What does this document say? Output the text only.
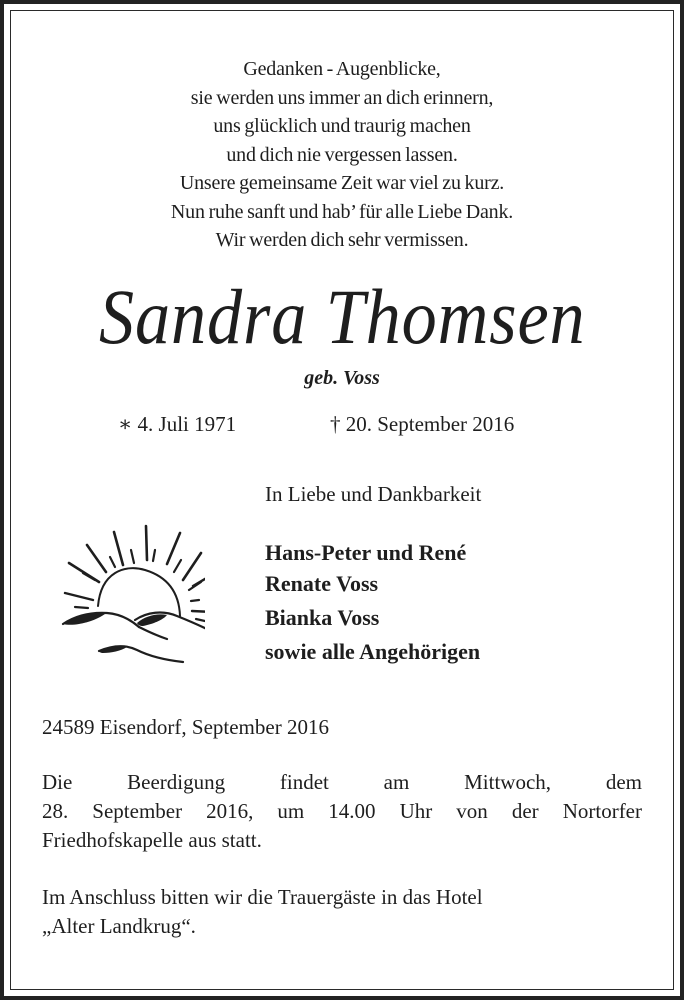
Gedanken - Augenblicke,
sie werden uns immer an dich erinnern,
uns glücklich und traurig machen
und dich nie vergessen lassen.
Unsere gemeinsame Zeit war viel zu kurz.
Nun ruhe sanft und hab’ für alle Liebe Dank.
Wir werden dich sehr vermissen.
Sandra Thomsen
geb. Voss
∗ 4. Juli 1971	† 20. September 2016
In Liebe und Dankbarkeit
Hans-Peter und René
Renate Voss
Bianka Voss
sowie alle Angehörigen
24589 Eisendorf, September 2016
Die Beerdigung findet am Mittwoch, dem
28. September 2016, um 14.00 Uhr von der Nortorfer
Friedhofskapelle aus statt.
Im Anschluss bitten wir die Trauergäste in das Hotel
„Alter Landkrug“.
